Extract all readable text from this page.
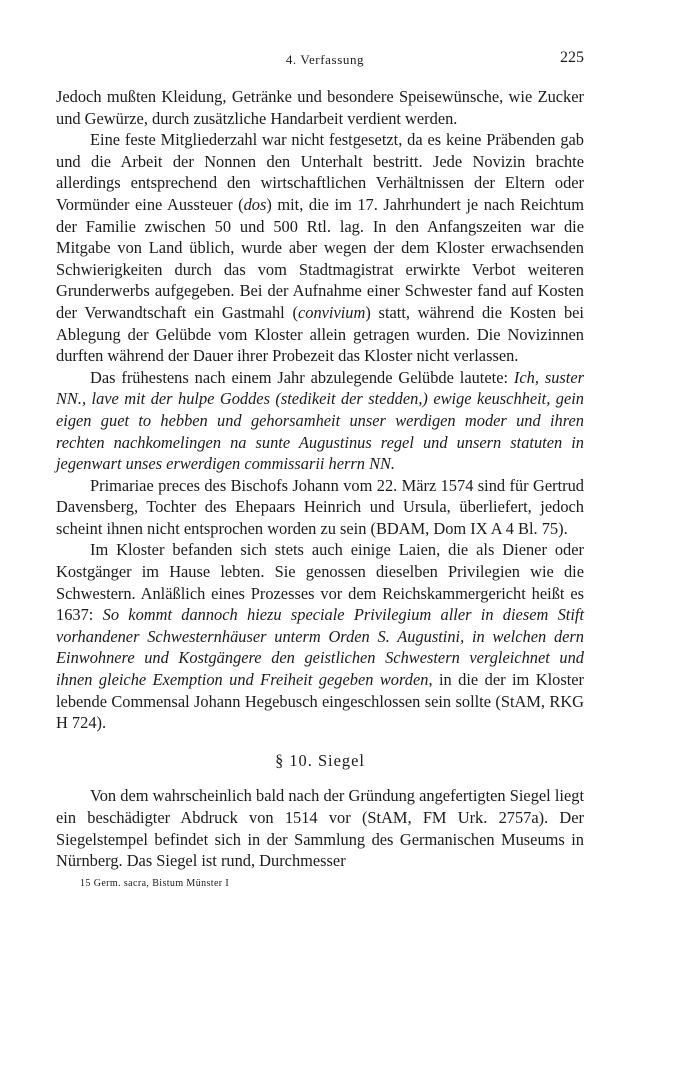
4. Verfassung	225

Jedoch mußten Kleidung, Getränke und besondere Speisewünsche, wie Zucker und Gewürze, durch zusätzliche Handarbeit verdient werden.

Eine feste Mitgliederzahl war nicht festgesetzt, da es keine Präbenden gab und die Arbeit der Nonnen den Unterhalt bestritt. Jede Novizin brachte allerdings entsprechend den wirtschaftlichen Verhältnissen der Eltern oder Vormünder eine Aussteuer (dos) mit, die im 17. Jahrhundert je nach Reichtum der Familie zwischen 50 und 500 Rtl. lag. In den Anfangszeiten war die Mitgabe von Land üblich, wurde aber wegen der dem Kloster erwachsenden Schwierigkeiten durch das vom Stadtmagistrat erwirkte Verbot weiteren Grunderwerbs aufgegeben. Bei der Aufnahme einer Schwester fand auf Kosten der Verwandtschaft ein Gastmahl (convivium) statt, während die Kosten bei Ablegung der Gelübde vom Kloster allein getragen wurden. Die Novizinnen durften während der Dauer ihrer Probezeit das Kloster nicht verlassen.

Das frühestens nach einem Jahr abzulegende Gelübde lautete: Ich, suster NN., lave mit der hulpe Goddes (stedikeit der stedden,) ewige keuschheit, gein eigen guet to hebben und gehorsamheit unser werdigen moder und ihren rechten nachkomelingen na sunte Augustinus regel und unsern statuten in jegenwart unses erwerdigen commissarii herrn NN.

Primariae preces des Bischofs Johann vom 22. März 1574 sind für Gertrud Davensberg, Tochter des Ehepaars Heinrich und Ursula, überliefert, jedoch scheint ihnen nicht entsprochen worden zu sein (BDAM, Dom IX A 4 Bl. 75).

Im Kloster befanden sich stets auch einige Laien, die als Diener oder Kostgänger im Hause lebten. Sie genossen dieselben Privilegien wie die Schwestern. Anläßlich eines Prozesses vor dem Reichskammergericht heißt es 1637: So kommt dannoch hiezu speciale Privilegium aller in diesem Stift vorhandener Schwesternhäuser unterm Orden S. Augustini, in welchen dern Einwohnere und Kostgängere den geistlichen Schwestern vergleichnet und ihnen gleiche Exemption und Freiheit gegeben worden, in die der im Kloster lebende Commensal Johann Hegebusch eingeschlossen sein sollte (StAM, RKG H 724).

§ 10. Siegel

Von dem wahrscheinlich bald nach der Gründung angefertigten Siegel liegt ein beschädigter Abdruck von 1514 vor (StAM, FM Urk. 2757a). Der Siegelstempel befindet sich in der Sammlung des Germanischen Museums in Nürnberg. Das Siegel ist rund, Durchmesser

15 Germ. sacra, Bistum Münster I
